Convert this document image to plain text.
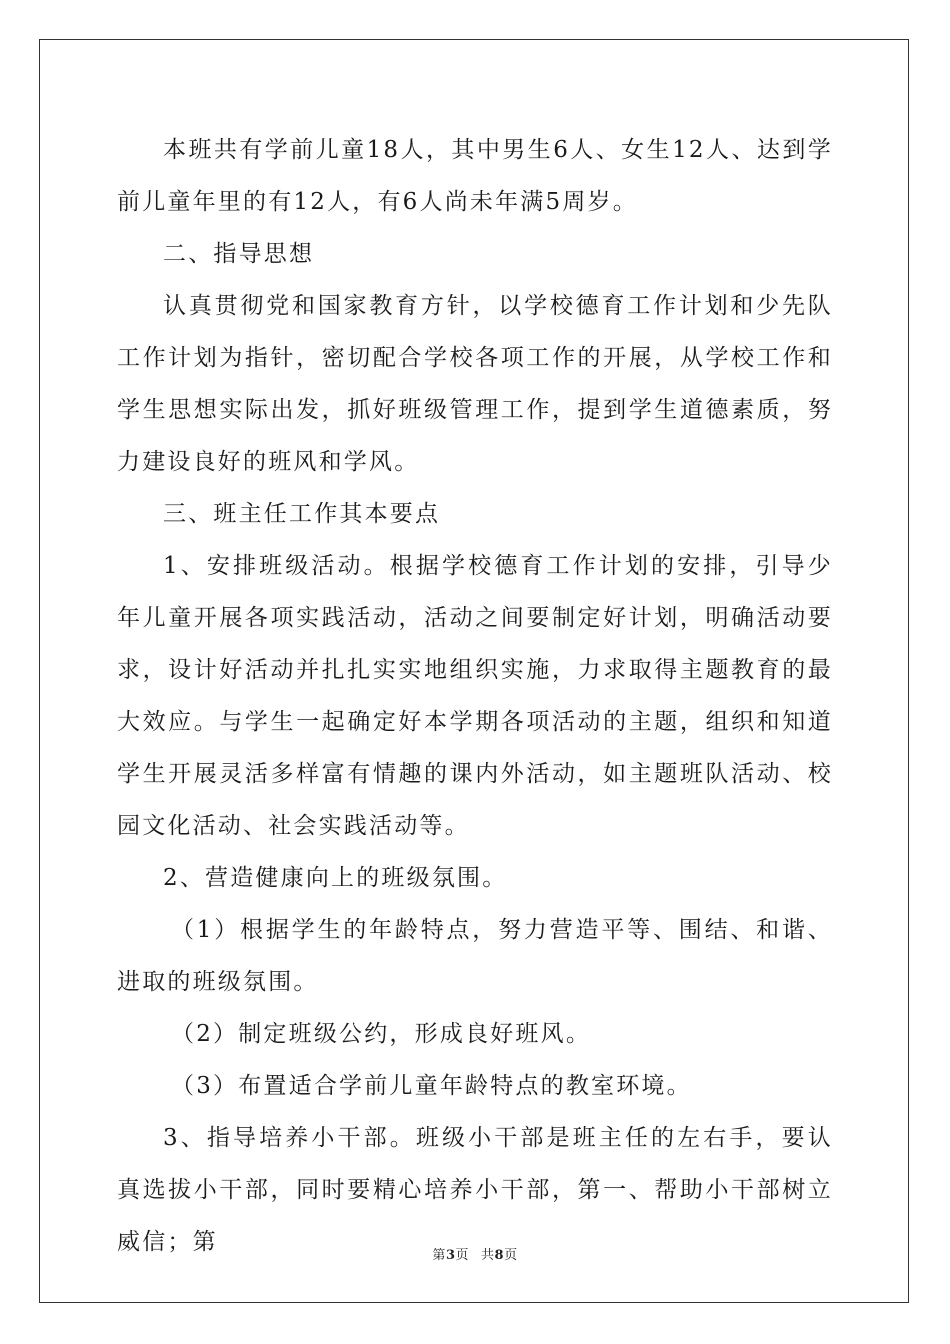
本班共有学前儿童18人，其中男生6人、女生12人、达到学前儿童年里的有12人，有6人尚未年满5周岁。

二、指导思想

认真贯彻党和国家教育方针，以学校德育工作计划和少先队工作计划为指针，密切配合学校各项工作的开展，从学校工作和学生思想实际出发，抓好班级管理工作，提到学生道德素质，努力建设良好的班风和学风。

三、班主任工作其本要点

1、安排班级活动。根据学校德育工作计划的安排，引导少年儿童开展各项实践活动，活动之间要制定好计划，明确活动要求，设计好活动并扎扎实实地组织实施，力求取得主题教育的最大效应。与学生一起确定好本学期各项活动的主题，组织和知道学生开展灵活多样富有情趣的课内外活动，如主题班队活动、校园文化活动、社会实践活动等。

2、营造健康向上的班级氛围。

（1）根据学生的年龄特点，努力营造平等、围结、和谐、进取的班级氛围。

（2）制定班级公约，形成良好班风。

（3）布置适合学前儿童年龄特点的教室环境。

3、指导培养小干部。班级小干部是班主任的左右手，要认真选拔小干部，同时要精心培养小干部，第一、帮助小干部树立威信；第

第3页 共8页
